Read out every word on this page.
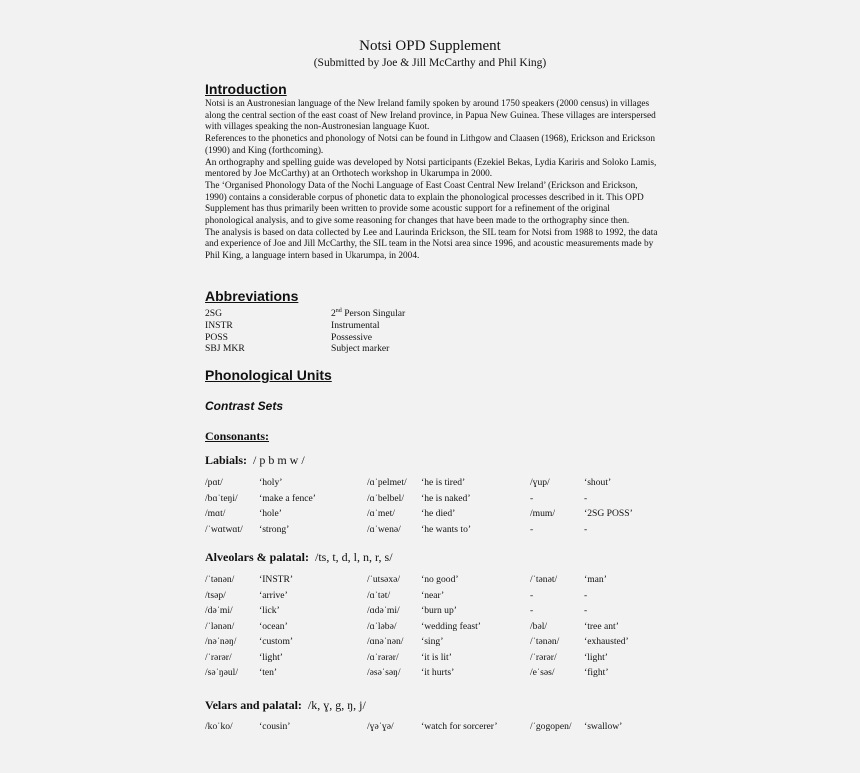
Notsi OPD Supplement
(Submitted by Joe & Jill McCarthy and Phil King)
Introduction

Notsi is an Austronesian language of the New Ireland family spoken by around 1750 speakers (2000 census) in villages along the central section of the east coast of New Ireland province, in Papua New Guinea. These villages are interspersed with villages speaking the non-Austronesian language Kuot.

References to the phonetics and phonology of Notsi can be found in Lithgow and Claasen (1968), Erickson and Erickson (1990) and King (forthcoming).

An orthography and spelling guide was developed by Notsi participants (Ezekiel Bekas, Lydia Kariris and Soloko Lamis, mentored by Joe McCarthy) at an Orthotech workshop in Ukarumpa in 2000.

The ‘Organised Phonology Data of the Nochi Language of East Coast Central New Ireland’ (Erickson and Erickson, 1990) contains a considerable corpus of phonetic data to explain the phonological processes described in it. This OPD Supplement has thus primarily been written to provide some acoustic support for a refinement of the original phonological analysis, and to give some reasoning for changes that have been made to the orthography since then.

The analysis is based on data collected by Lee and Laurinda Erickson, the SIL team for Notsi from 1988 to 1992, the data and experience of Joe and Jill McCarthy, the SIL team in the Notsi area since 1996, and acoustic measurements made by Phil King, a language intern based in Ukarumpa, in 2004.

Abbreviations
2SG	2nd Person Singular
INSTR	Instrumental
POSS	Possessive
SBJ MKR	Subject marker
Phonological Units
Contrast Sets
Consonants:
Labials: / p b m w /
/pɑt/	‘holy’	/ɑˈpelmet/ ‘he is tired’	/ɣup/	‘shout’
/bɑˈteŋi/ ‘make a fence’	/ɑˈbelbel/ ‘he is naked’	-	-
/mɑt/	‘hole’	/ɑˈmet/	‘he died’	/mum/	‘2SG POSS’
/ˈwɑtwɑt/ ‘strong’	/ɑˈwenə/ ‘he wants to’	-	-
Alveolars & palatal: /ts, t, d, l, n, r, s/
/ˈtənən/	‘INSTR’	/ˈutsəxə/ ‘no good’	/ˈtənət/	‘man’
/tsəp/	‘arrive’	/ɑˈtət/	‘near’	-	-
/dəˈmi/	‘lick’	/ɑdəˈmi/ ‘burn up’	-	-
/ˈlənən/	‘ocean’	/ɑˈləbə/	‘wedding feast’	/bəl/	‘tree ant’
/nəˈnəŋ/ ‘custom’	/ɑnəˈnən/ ‘sing’	/ˈtənən/	‘exhausted’
/ˈrərər/	‘light’	/ɑˈrərər/ ‘it is lit’	/ˈrərər/	‘light’
/səˈŋəul/ ‘ten’	/əsəˈsəŋ/ ‘it hurts’	/eˈsəs/	‘fight’
Velars and palatal: /k, ɣ, g, ŋ, j/
/koˈko/	‘cousin’	/ɣəˈɣə/	‘watch for sorcerer’	/ˈgogopen/ ‘swallow’
